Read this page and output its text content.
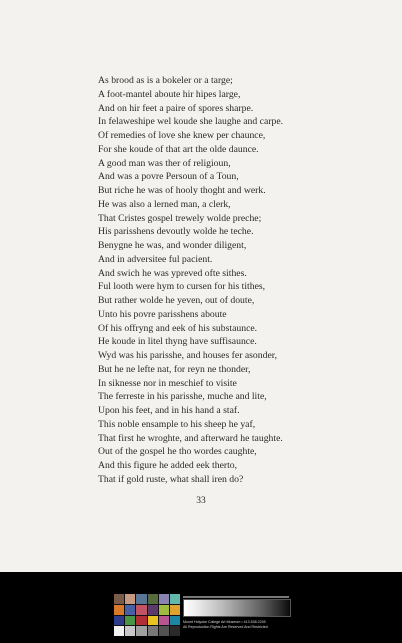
As brood as is a bokeler or a targe;
A foot-mantel aboute hir hipes large,
And on hir feet a paire of spores sharpe.
In felaweshipe wel koude she laughe and carpe.
Of remedies of love she knew per chaunce,
For she koude of that art the olde daunce.
A good man was ther of religioun,
And was a povre Persoun of a Toun,
But riche he was of hooly thoght and werk.
He was also a lerned man, a clerk,
That Cristes gospel trewely wolde preche;
His parisshens devoutly wolde he teche.
Benygne he was, and wonder diligent,
And in adversitee ful pacient.
And swich he was ypreved ofte sithes.
Ful looth were hym to cursen for his tithes,
But rather wolde he yeven, out of doute,
Unto his povre parisshens aboute
Of his offryng and eek of his substaunce.
He koude in litel thyng have suffisaunce.
Wyd was his parisshe, and houses fer asonder,
But he ne lefte nat, for reyn ne thonder,
In siknesse nor in meschief to visite
The ferreste in his parisshe, muche and lite,
Upon his feet, and in his hand a staf.
This noble ensample to his sheep he yaf,
That first he wroghte, and afterward he taughte.
Out of the gospel he tho wordes caughte,
And this figure he added eek therto,
That if gold ruste, what shall iren do?
33
Mount Holyoke College Art Museum • 413.538.2245
All Reproduction Rights Are Reserved And Restricted
